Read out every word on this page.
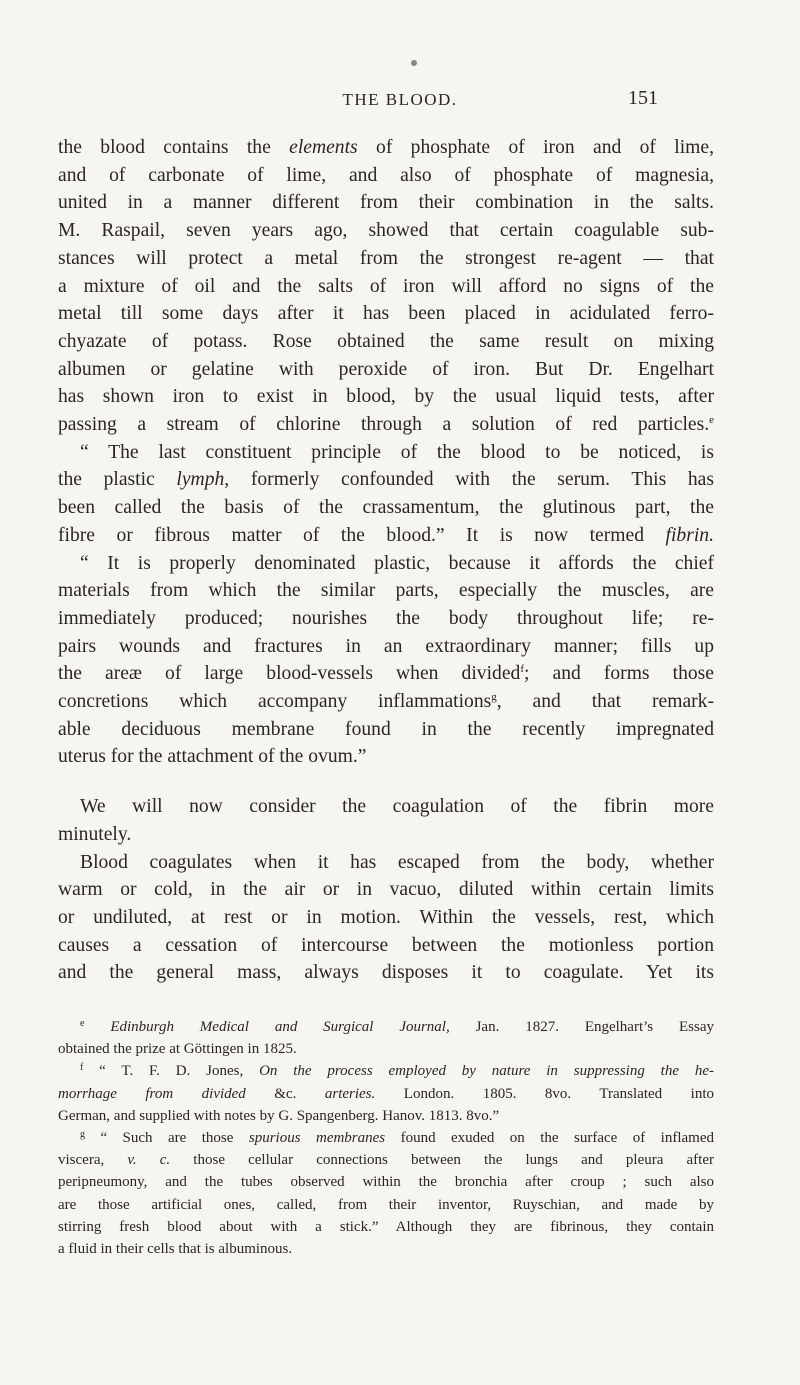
THE BLOOD.	151
the blood contains the elements of phosphate of iron and of lime,
and of carbonate of lime, and also of phosphate of magnesia,
united in a manner different from their combination in the salts.
M. Raspail, seven years ago, showed that certain coagulable sub-
stances will protect a metal from the strongest re-agent — that
a mixture of oil and the salts of iron will afford no signs of the
metal till some days after it has been placed in acidulated ferro-
chyazate of potass. Rose obtained the same result on mixing
albumen or gelatine with peroxide of iron. But Dr. Engelhart
has shown iron to exist in blood, by the usual liquid tests, after
passing a stream of chlorine through a solution of red particles.$^e$
“ The last constituent principle of the blood to be noticed, is
the plastic lymph, formerly confounded with the serum. This has
been called the basis of the crassamentum, the glutinous part, the
fibre or fibrous matter of the blood.” It is now termed fibrin.
“ It is properly denominated plastic, because it affords the chief
materials from which the similar parts, especially the muscles, are
immediately produced; nourishes the body throughout life; re-
pairs wounds and fractures in an extraordinary manner; fills up
the areæ of large blood-vessels when divided$^f$; and forms those
concretions which accompany inflammations$^g$, and that remark-
able deciduous membrane found in the recently impregnated
uterus for the attachment of the ovum.”
We will now consider the coagulation of the fibrin more
minutely.
Blood coagulates when it has escaped from the body, whether
warm or cold, in the air or in vacuo, diluted within certain limits
or undiluted, at rest or in motion. Within the vessels, rest, which
causes a cessation of intercourse between the motionless portion
and the general mass, always disposes it to coagulate. Yet its
$^e$ Edinburgh Medical and Surgical Journal, Jan. 1827. Engelhart’s Essay
obtained the prize at Göttingen in 1825.
$^f$ “ T. F. D. Jones, On the process employed by nature in suppressing the he-
morrhage from divided &c. arteries. London. 1805. 8vo. Translated into
German, and supplied with notes by G. Spangenberg. Hanov. 1813. 8vo.”
$^g$ “ Such are those spurious membranes found exuded on the surface of inflamed
viscera, v. c. those cellular connections between the lungs and pleura after
peripneumony, and the tubes observed within the bronchia after croup ; such also
are those artificial ones, called, from their inventor, Ruyschian, and made by
stirring fresh blood about with a stick.” Although they are fibrinous, they contain
a fluid in their cells that is albuminous.
